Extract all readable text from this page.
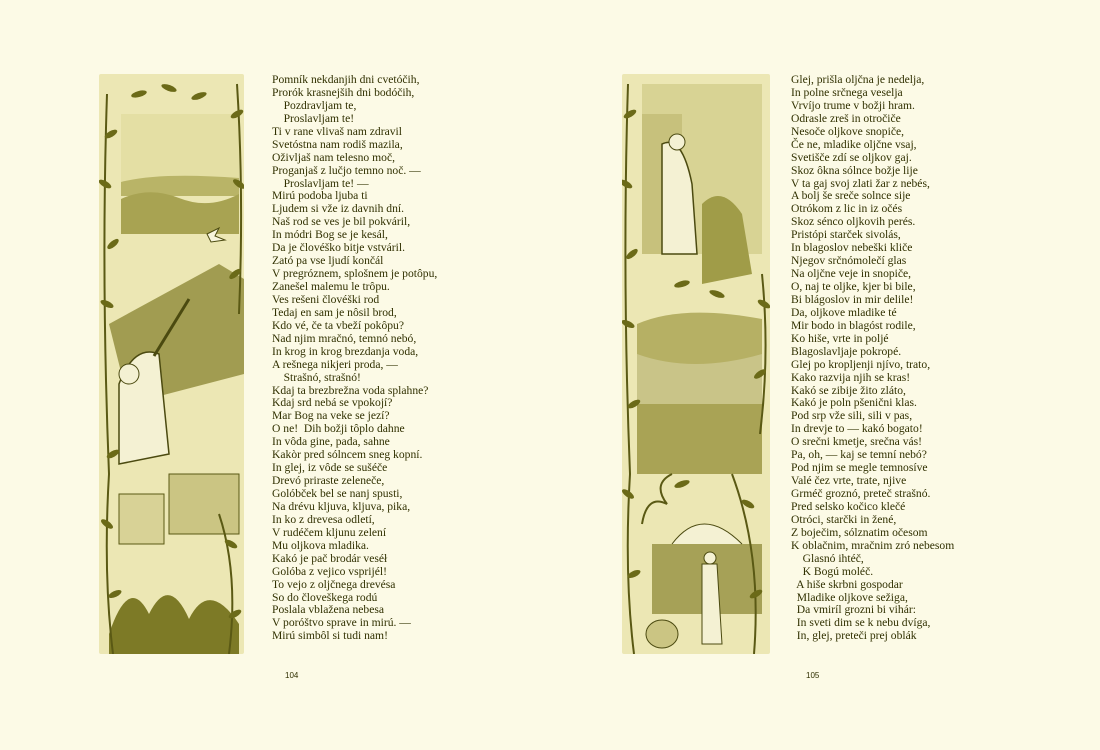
Pomník nekdanjih dni cvetóčih,
Prorók krasnejših dni bodóčih,
Pozdravljam te,
Proslavljam te!
Ti v rane vlivaš nam zdravil
Svetóstna nam rodiš mazila,
Oživljaš nam telesno moč,
Proganjaš z lučjo temno noč. —
Proslavljam te! —
Mirú podoba ljuba ti
Ljudem si vže iz davnih dní.
Naš rod se ves je bil pokváril,
In módri Bog se je kesál,
Da je človéško bitje vstváril.
Zató pa vse ljudí končál
V pregróznem, splošnem je potôpu,
Zanešel malemu le trôpu.
Ves rešeni človéški rod
Tedaj en sam je nôsil brod,
Kdo vé, če ta vbeží pokôpu?
Nad njim mračnó, temnó nebó,
In krog in krog brezdanja voda,
A rešnega nikjeri proda, —
Strašnó, strašnó!
Kdaj ta brezbrežna voda splahne?
Kdaj srd nebá se vpokojí?
Mar Bog na veke se jezí?
O ne!  Dih božji tôplo dahne
In vôda gine, pada, sahne
Kakòr pred sólncem sneg kopní.
In glej, iz vôde se sušéče
Drevó priraste zeleneče,
Golóbček bel se nanj spusti,
Na drévu kljuva, kljuva, pika,
In ko z drevesa odletí,
V rudéčem kljunu zelení
Mu oljkova mladika.
Kakó je pač brodár veséł
Golóba z vejico vsprijél!
To vejo z oljčnega drevésa
So do človeškega rodú
Poslala vblažena nebesa
V poróštvo sprave in mirú. —
Mirú simbôl si tudi nam!
104
Glej, prišla oljčna je nedelja,
In polne srčnega veselja
Vrvíjo trume v božji hram.
Odrasle zreš in otročiče
Nesoče oljkove snopiče,
Če ne, mladike oljčne vsaj,
Svetišče zdí se oljkov gaj.
Skoz ôkna sólnce božje lije
V ta gaj svoj zlati žar z nebés,
A bolj še sreče solnce sije
Otrókom z lic in iz očés
Skoz sénco oljkovih perés.
Pristópi starček sivolás,
In blagoslov nebeški kliče
Njegov srčnómolečí glas
Na oljčne veje in snopiče,
O, naj te oljke, kjer bi bile,
Bi blágoslov in mir delile!
Da, oljkove mladike té
Mir bodo in blagóst rodile,
Ko hiše, vrte in poljé
Blagoslavljaje pokropé.
Glej po kropljenji njívo, trato,
Kako razvija njih se kras!
Kakó se zibije žito zláto,
Kakó je poln pšenični klas.
Pod srp vže sili, sili v pas,
In drevje to — kakó bogato!
O srečni kmetje, srečna vás!
Pa, oh, — kaj se temní nebó?
Pod njim se megle temnosíve
Valé čez vrte, trate, njive
Grméč groznó, preteč strašnó.
Pred selsko kočico klečé
Otróci, starčki in žené,
Z boječim, sólznatim očesom
K oblačnim, mračnim zró nebesom
Glasnó ihtéč,
K Bogú moléč.
A hiše skrbni gospodar
Mladike oljkove sežiga,
Da vmiríl grozni bi vihár:
In sveti dim se k nebu dvíga,
In, glej, preteči prej oblák
105
